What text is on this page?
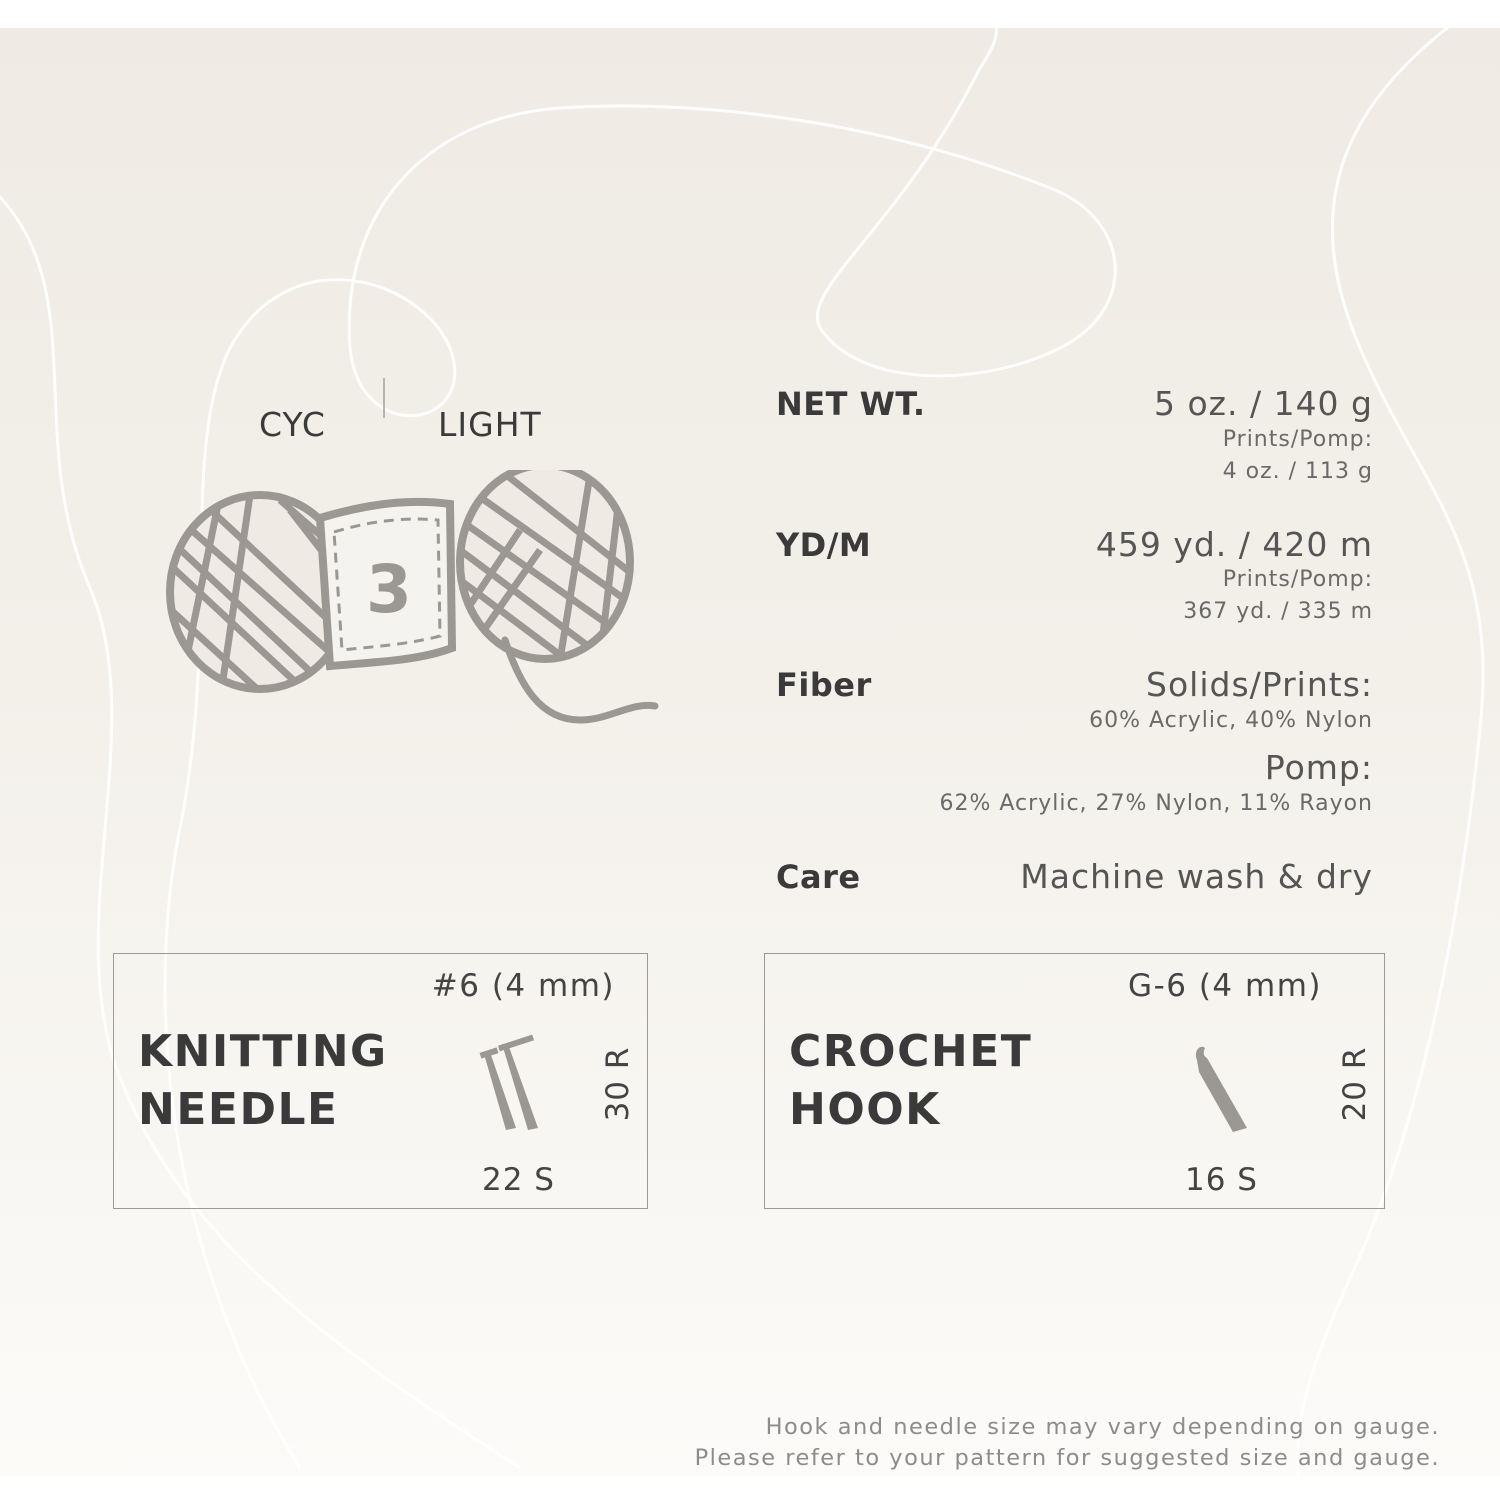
CYC	LIGHT
3
NET WT.	5 oz. / 140 g
Prints/Pomp:
4 oz. / 113 g
YD/M	459 yd. / 420 m
Prints/Pomp:
367 yd. / 335 m
Fiber	Solids/Prints:
60% Acrylic, 40% Nylon
Pomp:
62% Acrylic, 27% Nylon, 11% Rayon
Care	Machine wash & dry
#6 (4 mm)
KNITTING
NEEDLE	30 R
22 S
G-6 (4 mm)
CROCHET
HOOK	20 R
16 S
Hook and needle size may vary depending on gauge.
Please refer to your pattern for suggested size and gauge.
